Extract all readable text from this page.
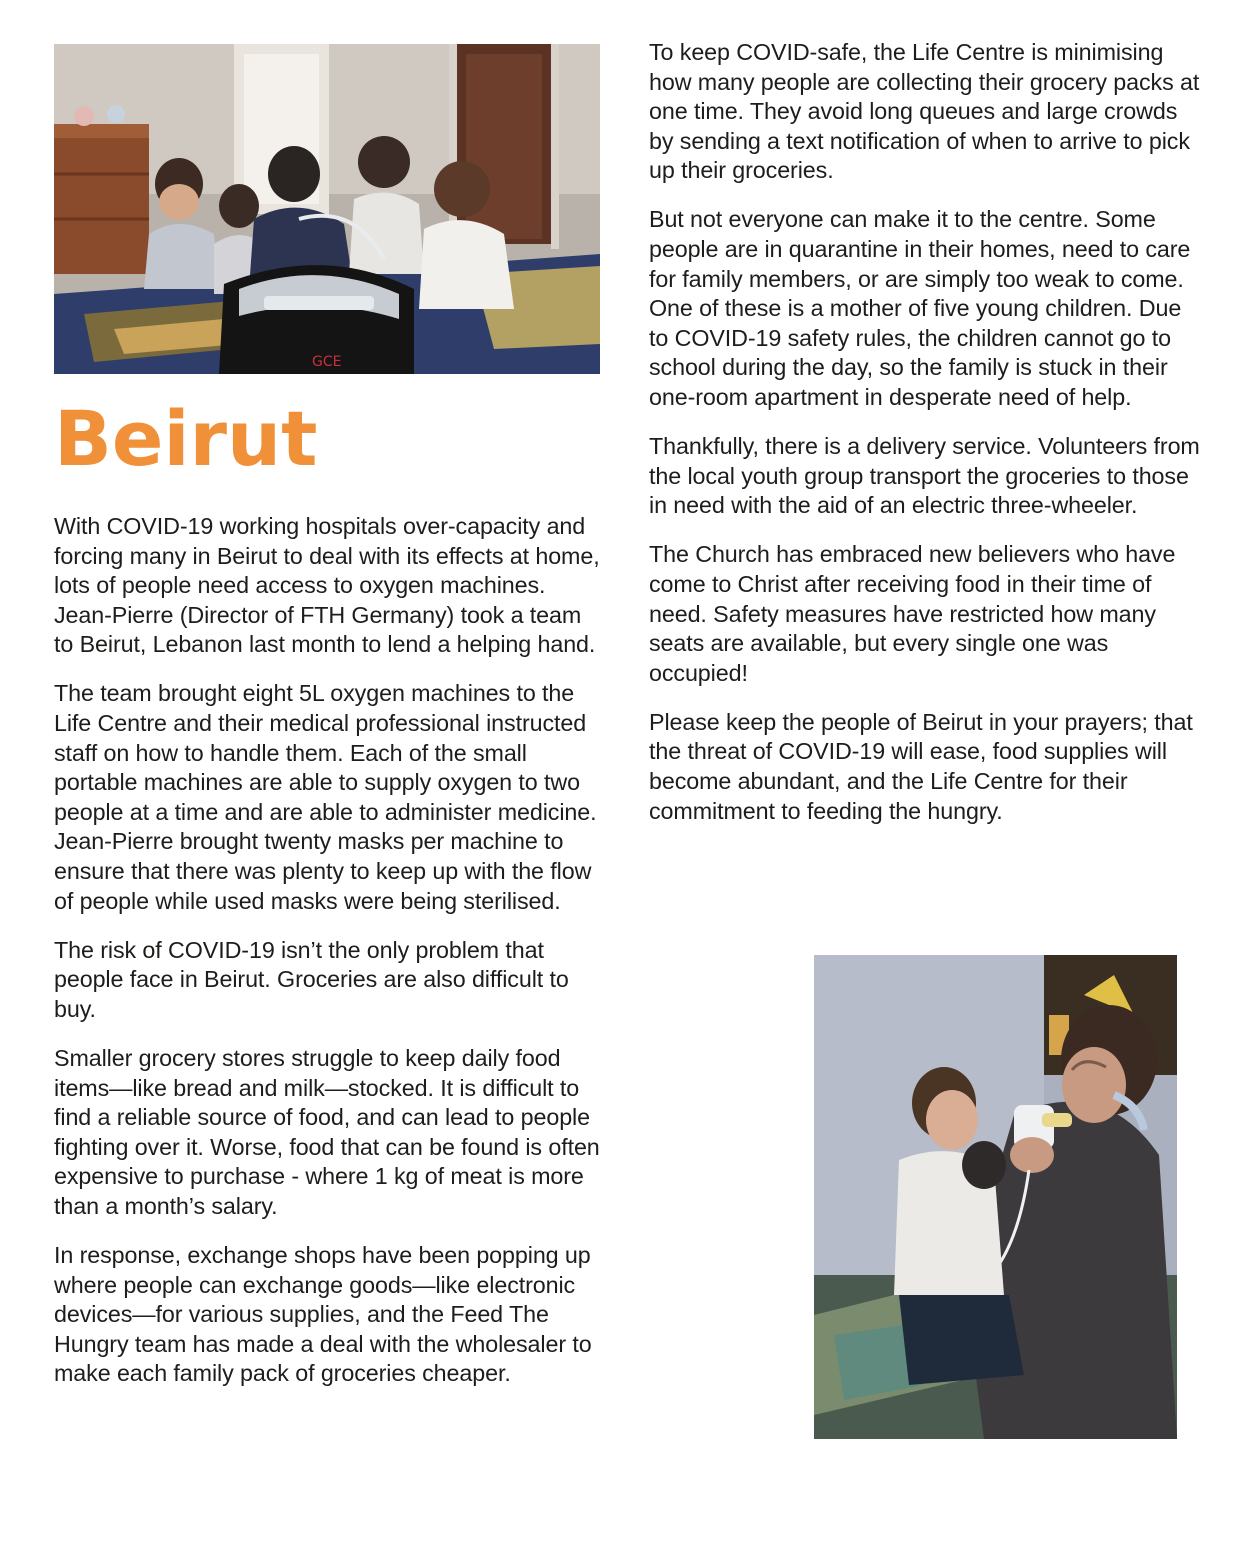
GCE
Beirut

With COVID-19 working hospitals over-capacity and forcing many in Beirut to deal with its effects at home, lots of people need access to oxygen machines. Jean-Pierre (Director of FTH Germany) took a team to Beirut, Lebanon last month to lend a helping hand.

The team brought eight 5L oxygen machines to the Life Centre and their medical professional instructed staff on how to handle them. Each of the small portable machines are able to supply oxygen to two people at a time and are able to administer medicine. Jean-Pierre brought twenty masks per machine to ensure that there was plenty to keep up with the flow of people while used masks were being sterilised.

The risk of COVID-19 isn’t the only problem that people face in Beirut. Groceries are also difficult to buy.

Smaller grocery stores struggle to keep daily food items—like bread and milk—stocked. It is difficult to find a reliable source of food, and can lead to people fighting over it. Worse, food that can be found is often expensive to purchase - where 1 kg of meat is more than a month’s salary.

In response, exchange shops have been popping up where people can exchange goods—like electronic devices—for various supplies, and the Feed The Hungry team has made a deal with the wholesaler to make each family pack of groceries cheaper.

To keep COVID-safe, the Life Centre is minimising how many people are collecting their grocery packs at one time. They avoid long queues and large crowds by sending a text notification of when to arrive to pick up their groceries.

But not everyone can make it to the centre. Some people are in quarantine in their homes, need to care for family members, or are simply too weak to come. One of these is a mother of five young children. Due to COVID-19 safety rules, the children cannot go to school during the day, so the family is stuck in their one-room apartment in desperate need of help.

Thankfully, there is a delivery service. Volunteers from the local youth group transport the groceries to those in need with the aid of an electric three-wheeler.

The Church has embraced new believers who have come to Christ after receiving food in their time of need. Safety measures have restricted how many seats are available, but every single one was occupied!

Please keep the people of Beirut in your prayers; that the threat of COVID-19 will ease, food supplies will become abundant, and the Life Centre for their commitment to feeding the hungry.
